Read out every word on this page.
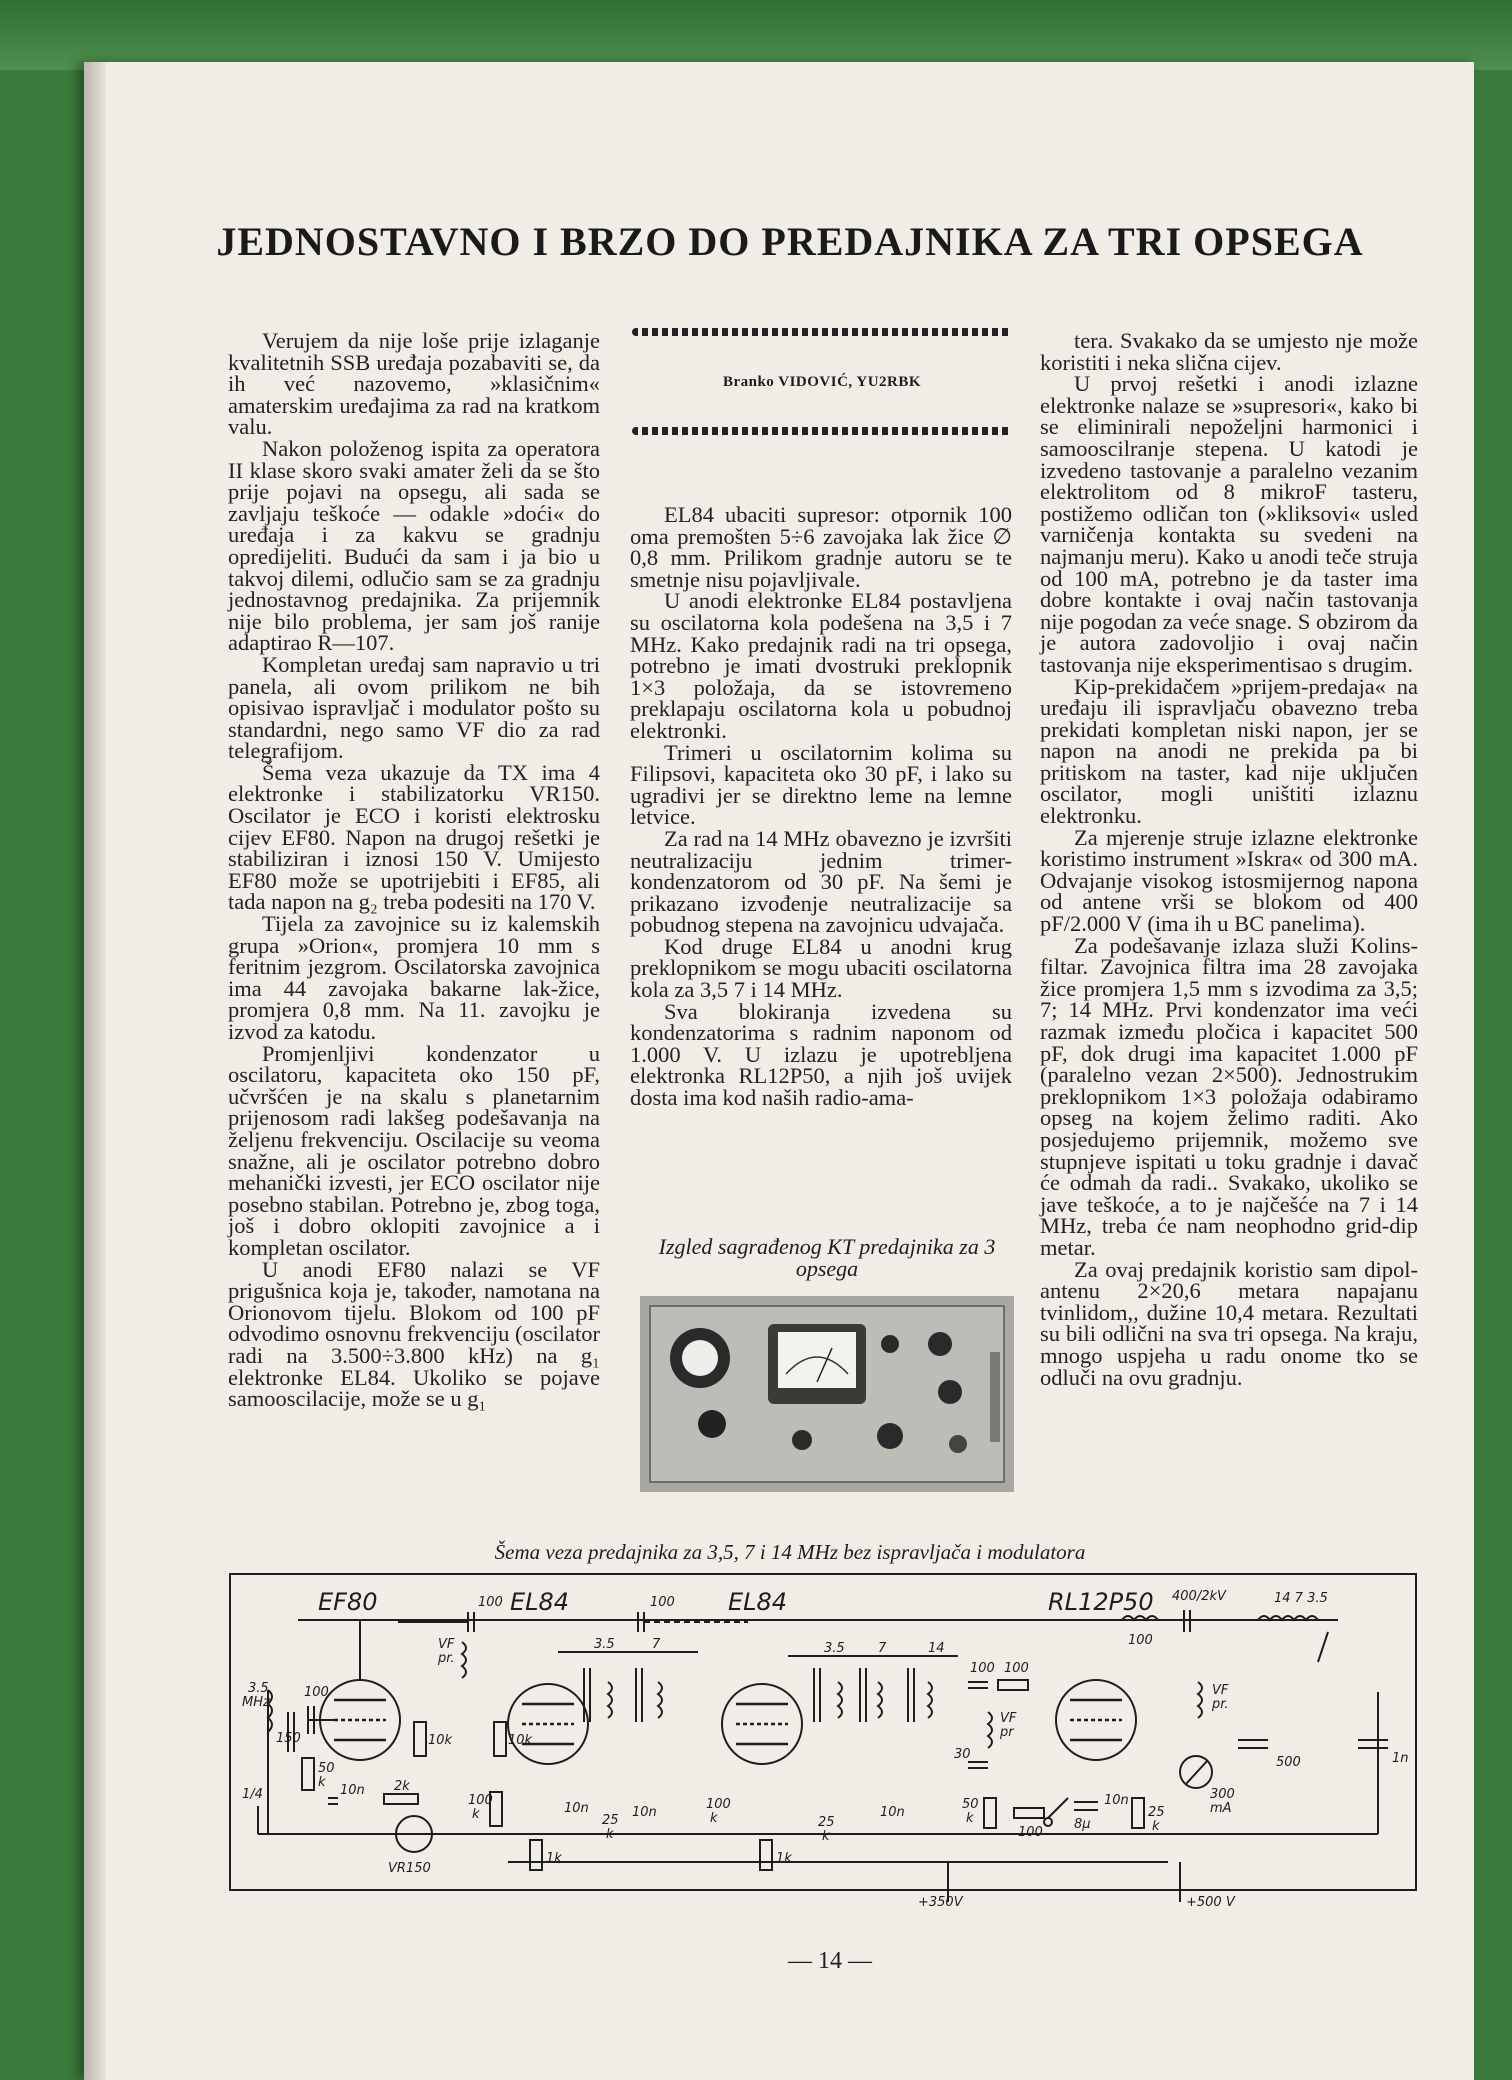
JEDNOSTAVNO I BRZO DO PREDAJNIKA ZA TRI OPSEGA

Verujem da nije loše prije izlaganje kvalitetnih SSB uređaja pozabaviti se, da ih već nazovemo, »klasičnim« amaterskim uređajima za rad na kratkom valu.

Nakon položenog ispita za operatora II klase skoro svaki amater želi da se što prije pojavi na opsegu, ali sada se zavljaju teškoće — odakle »doći« do uređaja i za kakvu se gradnju opredijeliti. Budući da sam i ja bio u takvoj dilemi, odlučio sam se za gradnju jednostavnog predajnika. Za prijemnik nije bilo problema, jer sam još ranije adaptirao R—107.

Kompletan uređaj sam napravio u tri panela, ali ovom prilikom ne bih opisivao ispravljač i modulator pošto su standardni, nego samo VF dio za rad telegrafijom.

Šema veza ukazuje da TX ima 4 elektronke i stabilizatorku VR150. Oscilator je ECO i koristi elektrosku cijev EF80. Napon na drugoj rešetki je stabiliziran i iznosi 150 V. Umijesto EF80 može se upotrijebiti i EF85, ali tada napon na g₂ treba podesiti na 170 V.

Tijela za zavojnice su iz kalemskih grupa »Orion«, promjera 10 mm s feritnim jezgrom. Oscilatorska zavojnica ima 44 zavojaka bakarne lak-žice, promjera 0,8 mm. Na 11. zavojku je izvod za katodu.

Promjenljivi kondenzator u oscilatoru, kapaciteta oko 150 pF, učvršćen je na skalu s planetarnim prijenosom radi lakšeg podešavanja na željenu frekvenciju. Oscilacije su veoma snažne, ali je oscilator potrebno dobro mehanički izvesti, jer ECO oscilator nije posebno stabilan. Potrebno je, zbog toga, još i dobro oklopiti zavojnice a i kompletan oscilator.

U anodi EF80 nalazi se VF prigušnica koja je, također, namotana na Orionovom tijelu. Blokom od 100 pF odvodimo osnovnu frekvenciju (oscilator radi na 3.500÷3.800 kHz) na g₁ elektronke EL84. Ukoliko se pojave samooscilacije, može se u g₁

Branko VIDOVIĆ, YU2RBK

EL84 ubaciti supresor: otpornik 100 oma premošten 5÷6 zavojaka lak žice ∅ 0,8 mm. Prilikom gradnje autoru se te smetnje nisu pojavljivale.

U anodi elektronke EL84 postavljena su oscilatorna kola podešena na 3,5 i 7 MHz. Kako predajnik radi na tri opsega, potrebno je imati dvostruki preklopnik 1×3 položaja, da se istovremeno preklapaju oscilatorna kola u pobudnoj elektronki.

Trimeri u oscilatornim kolima su Filipsovi, kapaciteta oko 30 pF, i lako su ugradivi jer se direktno leme na lemne letvice.

Za rad na 14 MHz obavezno je izvršiti neutralizaciju jednim trimer-kondenzatorom od 30 pF. Na šemi je prikazano izvođenje neutralizacije sa pobudnog stepena na zavojnicu udvajača.

Kod druge EL84 u anodni krug preklopnikom se mogu ubaciti oscilatorna kola za 3,5 7 i 14 MHz.

Sva blokiranja izvedena su kondenzatorima s radnim naponom od 1.000 V. U izlazu je upotrebljena elektronka RL12P50, a njih još uvijek dosta ima kod naših radio-ama-

Izgled sagrađenog KT predajnika za 3 opsega

tera. Svakako da se umjesto nje može koristiti i neka slična cijev.

U prvoj rešetki i anodi izlazne elektronke nalaze se »supresori«, kako bi se eliminirali nepoželjni harmonici i samooscilranje stepena. U katodi je izvedeno tastovanje a paralelno vezanim elektrolitom od 8 mikroF tasteru, postižemo odličan ton (»kliksovi« usled varničenja kontakta su svedeni na najmanju meru). Kako u anodi teče struja od 100 mA, potrebno je da taster ima dobre kontakte i ovaj način tastovanja nije pogodan za veće snage. S obzirom da je autora zadovoljio i ovaj način tastovanja nije eksperimentisao s drugim.

Kip-prekidačem »prijem-predaja« na uređaju ili ispravljaču obavezno treba prekidati kompletan niski napon, jer se napon na anodi ne prekida pa bi pritiskom na taster, kad nije uključen oscilator, mogli uništiti izlaznu elektronku.

Za mjerenje struje izlazne elektronke koristimo instrument »Iskra« od 300 mA. Odvajanje visokog istosmijernog napona od antene vrši se blokom od 400 pF/2.000 V (ima ih u BC panelima).

Za podešavanje izlaza služi Kolins-filtar. Zavojnica filtra ima 28 zavojaka žice promjera 1,5 mm s izvodima za 3,5; 7; 14 MHz. Prvi kondenzator ima veći razmak između pločica i kapacitet 500 pF, dok drugi ima kapacitet 1.000 pF (paralelno vezan 2×500). Jednostrukim preklopnikom 1×3 položaja odabiramo opseg na kojem želimo raditi. Ako posjedujemo prijemnik, možemo sve stupnjeve ispitati u toku gradnje i davač će odmah da radi.. Svakako, ukoliko se jave teškoće, a to je najčešće na 7 i 14 MHz, treba će nam neophodno grid-dip metar.

Za ovaj predajnik koristio sam dipol-antenu 2×20,6 metara napajanu tvinlidom,, dužine 10,4 metara. Rezultati su bili odlični na sva tri opsega. Na kraju, mnogo uspjeha u radu onome tko se odluči na ovu gradnju.

Šema veza predajnika za 3,5, 7 i 14 MHz bez ispravljača i modulatora
EF80	EL84	EL84	RL12P50
100
100
3.5
MHz
150
50
k
1/4	10n
10k	10k
2k
VR150
VF
pr.
100
k
100
3.5	7	3.5	7	14
10n	10n
25
k
100
k	10n
25
k
1k	1k
100 100
30
VF
pr
50
k
100
8μ
10n
25
k
100
400/2kV	14 7 3.5
VF
pr.
500
300
mA
1n
+350V	+500 V
— 14 —
